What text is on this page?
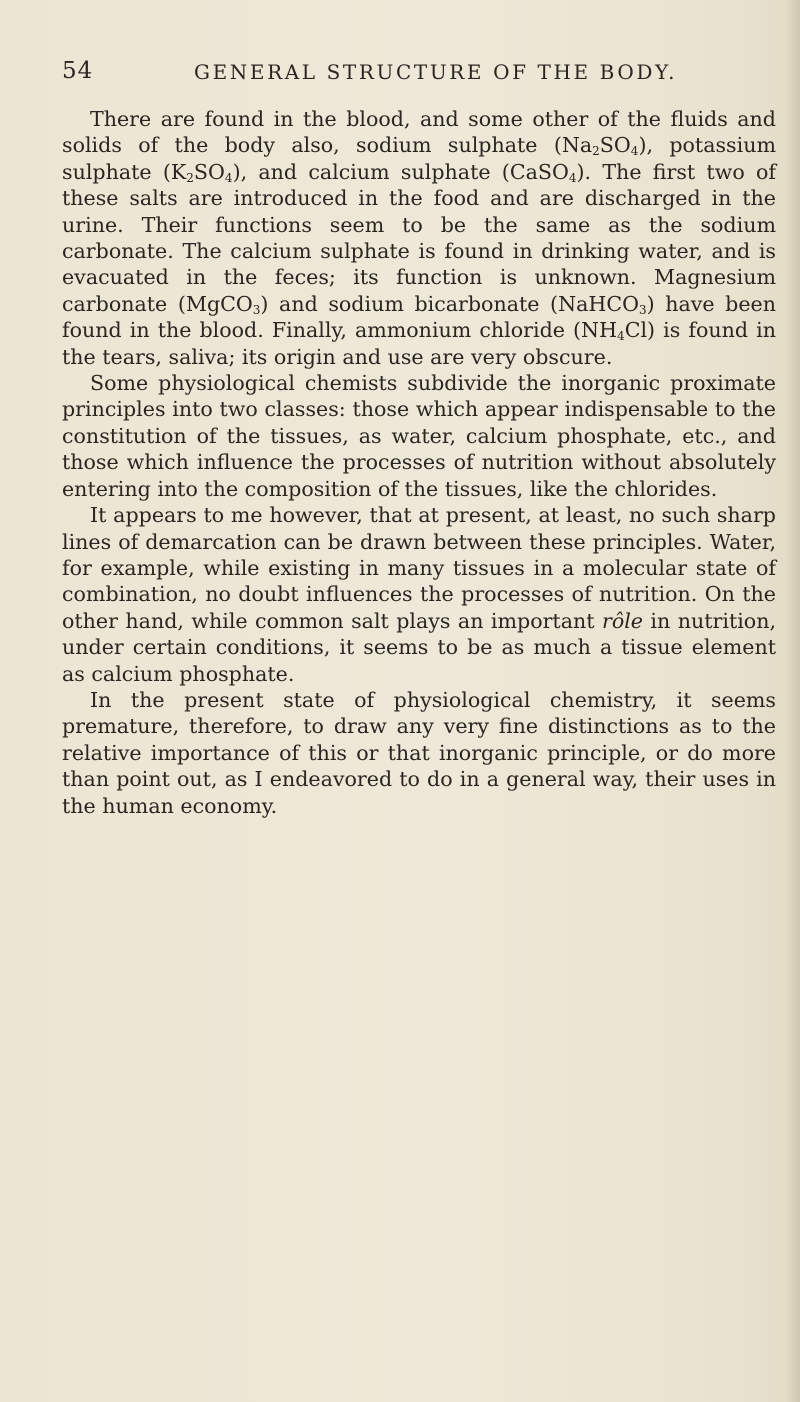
54	GENERAL STRUCTURE OF THE BODY.

There are found in the blood, and some other of the fluids and solids of the body also, sodium sulphate $(Na_2SO_4)$, potassium sulphate $(K_2SO_4)$, and calcium sulphate (CaSO$_4$). The first two of these salts are introduced in the food and are discharged in the urine. Their functions seem to be the same as the sodium carbonate. The calcium sulphate is found in drinking water, and is evacuated in the feces; its function is unknown. Magnesium carbonate (MgCO$_3$) and sodium bicarbonate (NaHCO$_3$) have been found in the blood. Finally, ammonium chloride $(NH_4Cl)$ is found in the tears, saliva; its origin and use are very obscure.

Some physiological chemists subdivide the inorganic proximate principles into two classes: those which appear indispensable to the constitution of the tissues, as water, calcium phosphate, etc., and those which influence the processes of nutrition without absolutely entering into the composition of the tissues, like the chlorides.

It appears to me however, that at present, at least, no such sharp lines of demarcation can be drawn between these principles. Water, for example, while existing in many tissues in a molecular state of combination, no doubt influences the processes of nutrition. On the other hand, while common salt plays an important rôle in nutrition, under certain conditions, it seems to be as much a tissue element as calcium phosphate.

In the present state of physiological chemistry, it seems premature, therefore, to draw any very fine distinctions as to the relative importance of this or that inorganic principle, or do more than point out, as I endeavored to do in a general way, their uses in the human economy.
